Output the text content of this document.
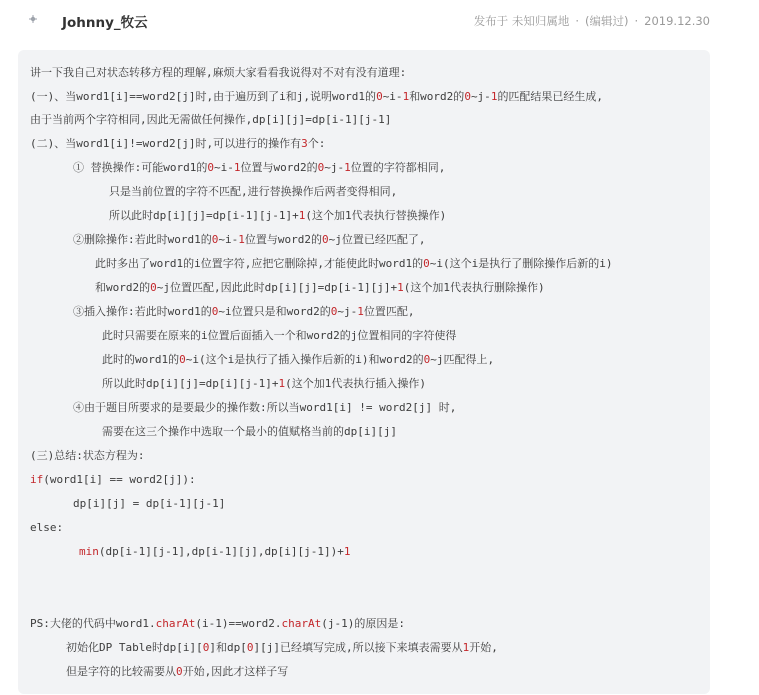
Johnny_牧云	发布于 未知归属地 · (编辑过) · 2019.12.30
讲一下我自己对状态转移方程的理解,麻烦大家看看我说得对不对有没有道理:
(一)、当word1[i]==word2[j]时,由于遍历到了i和j,说明word1的0~i-1和word2的0~j-1的匹配结果已经生成,
由于当前两个字符相同,因此无需做任何操作,dp[i][j]=dp[i-1][j-1]
(二)、当word1[i]!=word2[j]时,可以进行的操作有3个:
① 替换操作:可能word1的0~i-1位置与word2的0~j-1位置的字符都相同,
只是当前位置的字符不匹配,进行替换操作后两者变得相同,
所以此时dp[i][j]=dp[i-1][j-1]+1(这个加1代表执行替换操作)
②删除操作:若此时word1的0~i-1位置与word2的0~j位置已经匹配了,
此时多出了word1的i位置字符,应把它删除掉,才能使此时word1的0~i(这个i是执行了删除操作后新的i)
和word2的0~j位置匹配,因此此时dp[i][j]=dp[i-1][j]+1(这个加1代表执行删除操作)
③插入操作:若此时word1的0~i位置只是和word2的0~j-1位置匹配,
此时只需要在原来的i位置后面插入一个和word2的j位置相同的字符使得
此时的word1的0~i(这个i是执行了插入操作后新的i)和word2的0~j匹配得上,
所以此时dp[i][j]=dp[i][j-1]+1(这个加1代表执行插入操作)
④由于题目所要求的是要最少的操作数:所以当word1[i] != word2[j] 时,
需要在这三个操作中选取一个最小的值赋格当前的dp[i][j]
(三)总结:状态方程为:
if(word1[i] == word2[j]):
dp[i][j] = dp[i-1][j-1]
else:
min(dp[i-1][j-1],dp[i-1][j],dp[i][j-1])+1
PS:大佬的代码中word1.charAt(i-1)==word2.charAt(j-1)的原因是:
初始化DP Table时dp[i][0]和dp[0][j]已经填写完成,所以接下来填表需要从1开始,
但是字符的比较需要从0开始,因此才这样子写
